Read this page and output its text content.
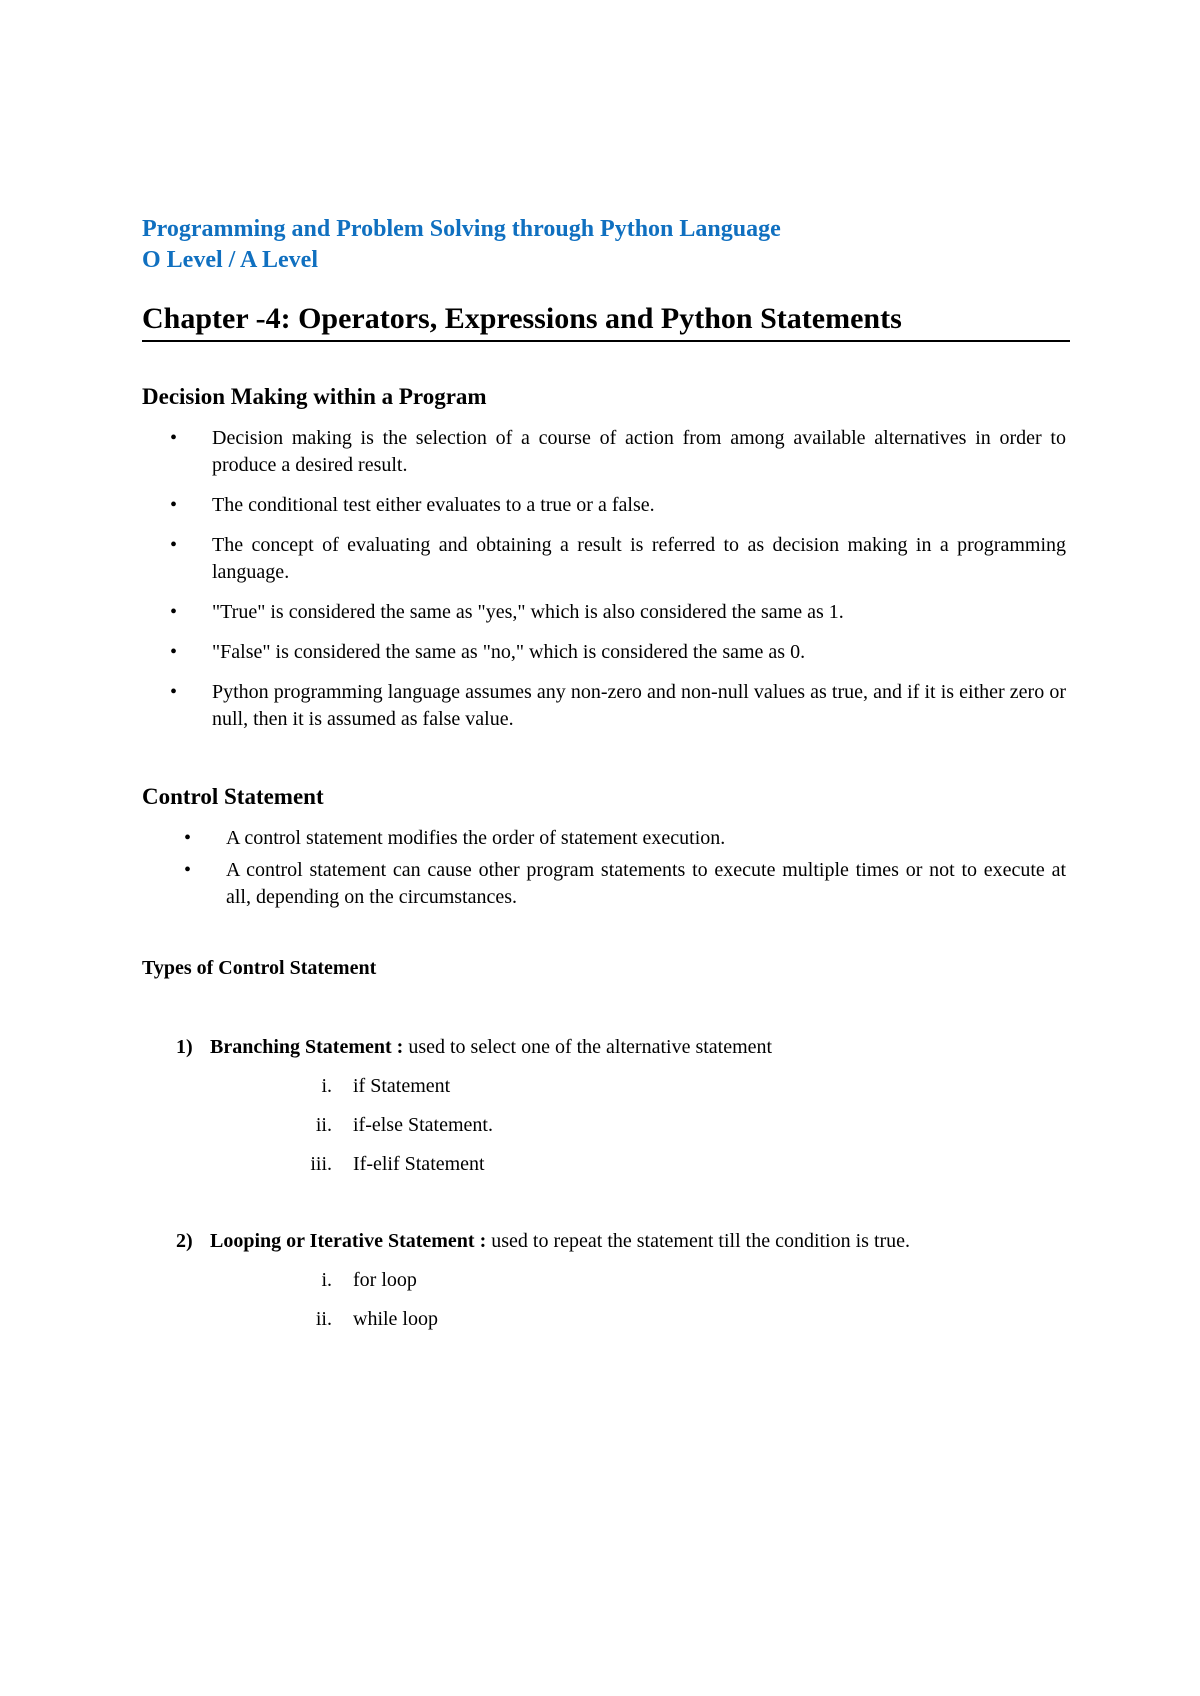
Programming and Problem Solving through Python Language
O Level / A Level
Chapter -4: Operators, Expressions and Python Statements
Decision Making within a Program
• Decision making is the selection of a course of action from among available alternatives in order to produce a desired result.
• The conditional test either evaluates to a true or a false.
• The concept of evaluating and obtaining a result is referred to as decision making in a programming language.
• "True" is considered the same as "yes," which is also considered the same as 1.
• "False" is considered the same as "no," which is considered the same as 0.
• Python programming language assumes any non-zero and non-null values as true, and if it is either zero or null, then it is assumed as false value.
Control Statement
• A control statement modifies the order of statement execution.
• A control statement can cause other program statements to execute multiple times or not to execute at all, depending on the circumstances.
Types of Control Statement
1) Branching Statement : used to select one of the alternative statement
i. if Statement
ii. if-else Statement.
iii. If-elif Statement
2) Looping or Iterative Statement : used to repeat the statement till the condition is true.
i. for loop
ii. while loop
